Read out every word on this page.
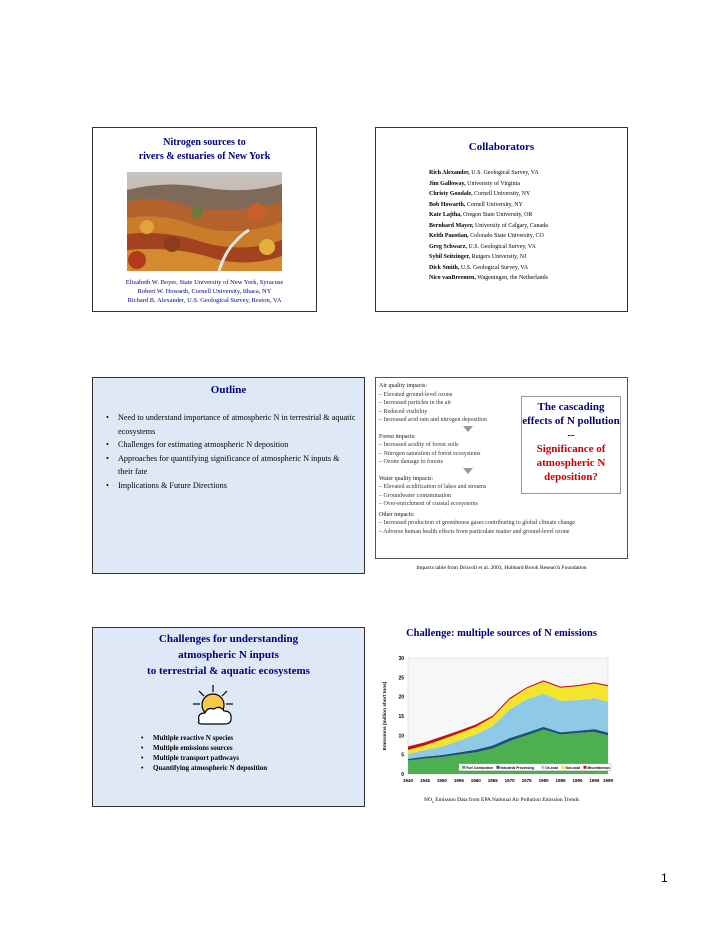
Nitrogen sources to
rivers & estuaries of New York
Elizabeth W. Boyer, State University of New York, Syracuse
Robert W. Howarth, Cornell University, Ithaca, NY
Richard B. Alexander, U.S. Geological Survey, Reston, VA
Collaborators
Rich Alexander, U.S. Geological Survey, VA
Jim Galloway, University of Virginia
Christy Goodale, Cornell University, NY
Bob Howarth, Cornell University, NY
Kate Lajtha, Oregon State University, OR
Bernhard Mayer, University of Calgary, Canada
Keith Paustian, Colorado State University, CO
Greg Schwarz, U.S. Geological Survey, VA
Sybil Seitzinger, Rutgers University, NJ
Dick Smith, U.S. Geological Survey, VA
Nico vanBreemen, Wageningen, the Netherlands
Outline
• Need to understand importance of atmospheric N in terrestrial & aquatic ecosystems
• Challenges for estimating atmospheric N deposition
• Approaches for quantifying significance of atmospheric N inputs & their fate
• Implications & Future Directions
Air quality impacts:
– Elevated ground-level ozone
– Increased particles in the air
– Reduced visibility
– Increased acid rain and nitrogen deposition
Forest impacts:
– Increased acidity of forest soils
– Nitrogen saturation of forest ecosystems
– Ozone damage to forests
Water quality impacts:
– Elevated acidification of lakes and streams
– Groundwater contamination
– Over-enrichment of coastal ecosystems
Other impacts:
– Increased production of greenhouse gases contributing to global climate change
– Adverse human health effects from particulate matter and ground-level ozone
The cascading effects of N pollution --
Significance of
atmospheric N
deposition?
Impacts table from Driscoll et al. 2003, Hubbard Brook Research Foundation
Challenges for understanding
atmospheric N inputs
to terrestrial & aquatic ecosystems
• Multiple reactive N species
• Multiple emissions sources
• Multiple transport pathways
• Quantifying atmospheric N deposition
Challenge: multiple sources of N emissions
30
25
20
15
10
5
0
1940 1945 1950 1955 1960 1965 1970 1975 1980 1985 1990 1995 1999
Emissions (million short tons)
Fuel Combustion Industrial Processing	On-road Non-road Miscellaneous
$NO_x$ Emission Data from EPA National Air Pollution Emission Trends
1
